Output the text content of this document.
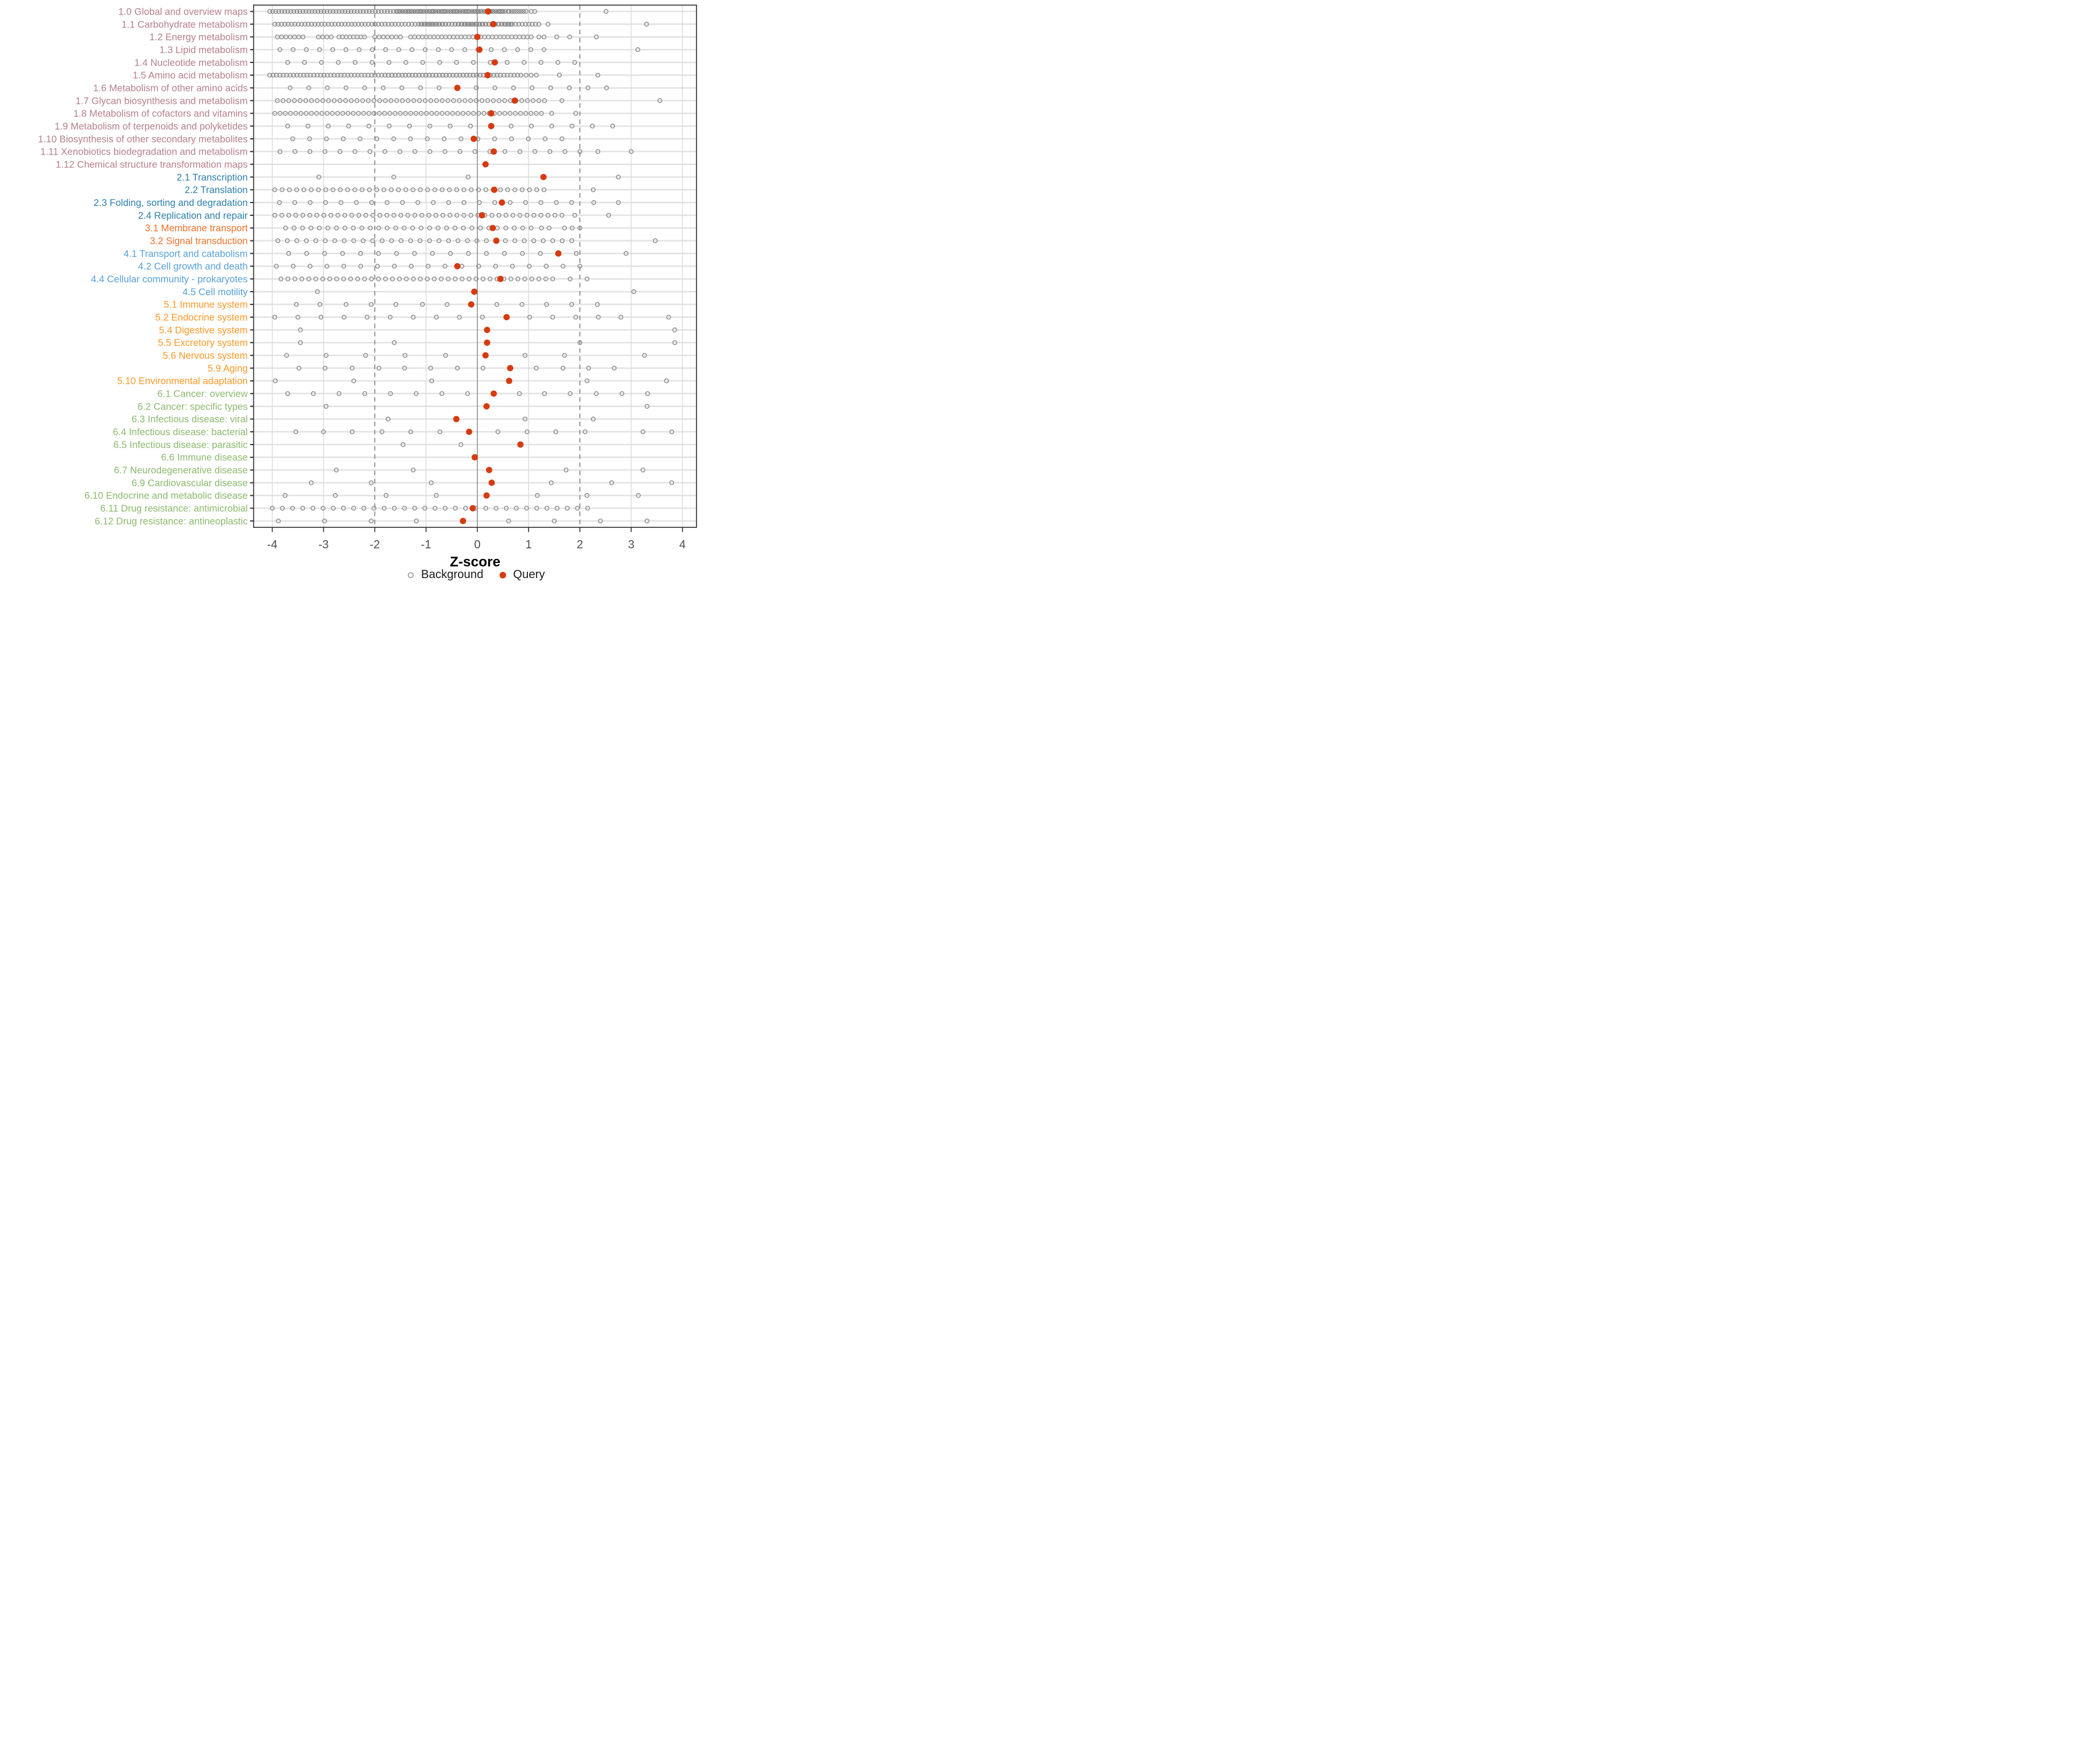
-4	-3	-2	-1	0	1	2	3	4
1.0 Global and overview maps
1.1 Carbohydrate metabolism
1.2 Energy metabolism
1.3 Lipid metabolism
1.4 Nucleotide metabolism
1.5 Amino acid metabolism
1.6 Metabolism of other amino acids
1.7 Glycan biosynthesis and metabolism
1.8 Metabolism of cofactors and vitamins
1.9 Metabolism of terpenoids and polyketides
1.10 Biosynthesis of other secondary metabolites
1.11 Xenobiotics biodegradation and metabolism
1.12 Chemical structure transformation maps
2.1 Transcription
2.2 Translation
2.3 Folding, sorting and degradation
2.4 Replication and repair
3.1 Membrane transport
3.2 Signal transduction
4.1 Transport and catabolism
4.2 Cell growth and death
4.4 Cellular community - prokaryotes
4.5 Cell motility
5.1 Immune system
5.2 Endocrine system
5.4 Digestive system
5.5 Excretory system
5.6 Nervous system
5.9 Aging
5.10 Environmental adaptation
6.1 Cancer: overview
6.2 Cancer: specific types
6.3 Infectious disease: viral
6.4 Infectious disease: bacterial
6.5 Infectious disease: parasitic
6.6 Immune disease
6.7 Neurodegenerative disease
6.9 Cardiovascular disease
6.10 Endocrine and metabolic disease
6.11 Drug resistance: antimicrobial
6.12 Drug resistance: antineoplastic
Z-score
Background	Query
